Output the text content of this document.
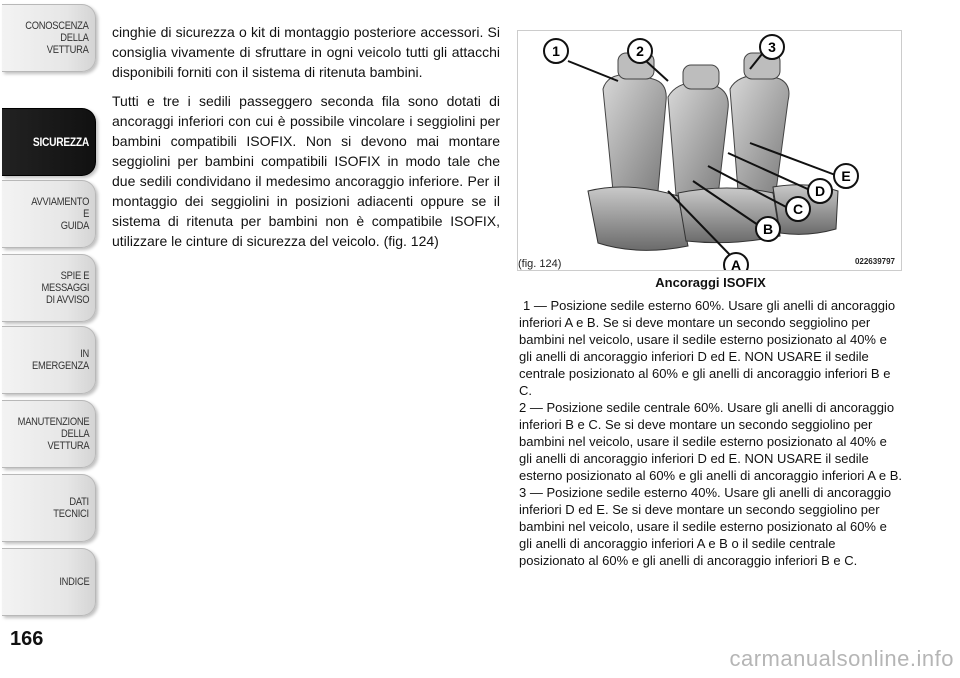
CONOSCENZA
DELLA
VETTURA
SICUREZZA
AVVIAMENTO
E
GUIDA
SPIE E
MESSAGGI
DI AVVISO
IN
EMERGENZA
MANUTENZIONE
DELLA
VETTURA
DATI
TECNICI
INDICE
166

cinghie di sicurezza o kit di montaggio posteriore accessori. Si consiglia vivamente di sfruttare in ogni veicolo tutti gli attacchi disponibili forniti con il sistema di ritenuta bambini.

Tutti e tre i sedili passeggero seconda fila sono dotati di ancoraggi inferiori con cui è possibile vincolare i seggiolini per bambini compatibili ISOFIX. Non si devono mai montare seggiolini per bambini compatibili ISOFIX in modo tale che due sedili condividano il medesimo ancoraggio inferiore. Per il montaggio dei seggiolini in posizioni adiacenti oppure se il sistema di ritenuta per bambini non è compatibile ISOFIX, utilizzare le cinture di sicurezza del veicolo. (fig. 124)

1	2	3
A
B
C
D
E
022639797
(fig. 124)
Ancoraggi ISOFIX

1 — Posizione sedile esterno 60%. Usare gli anelli di ancoraggio inferiori A e B. Se si deve montare un secondo seggiolino per bambini nel veicolo, usare il sedile esterno posizionato al 40% e gli anelli di ancoraggio inferiori D ed E. NON USARE il sedile centrale posizionato al 60% e gli anelli di ancoraggio inferiori B e C.

2 — Posizione sedile centrale 60%. Usare gli anelli di ancoraggio inferiori B e C. Se si deve montare un secondo seggiolino per bambini nel veicolo, usare il sedile esterno posizionato al 40% e gli anelli di ancoraggio inferiori D ed E. NON USARE il sedile esterno posizionato al 60% e gli anelli di ancoraggio inferiori A e B.

3 — Posizione sedile esterno 40%. Usare gli anelli di ancoraggio inferiori D ed E. Se si deve montare un secondo seggiolino per bambini nel veicolo, usare il sedile esterno posizionato al 60% e gli anelli di ancoraggio inferiori A e B o il sedile centrale posizionato al 60% e gli anelli di ancoraggio inferiori B e C.

carmanualsonline.info
